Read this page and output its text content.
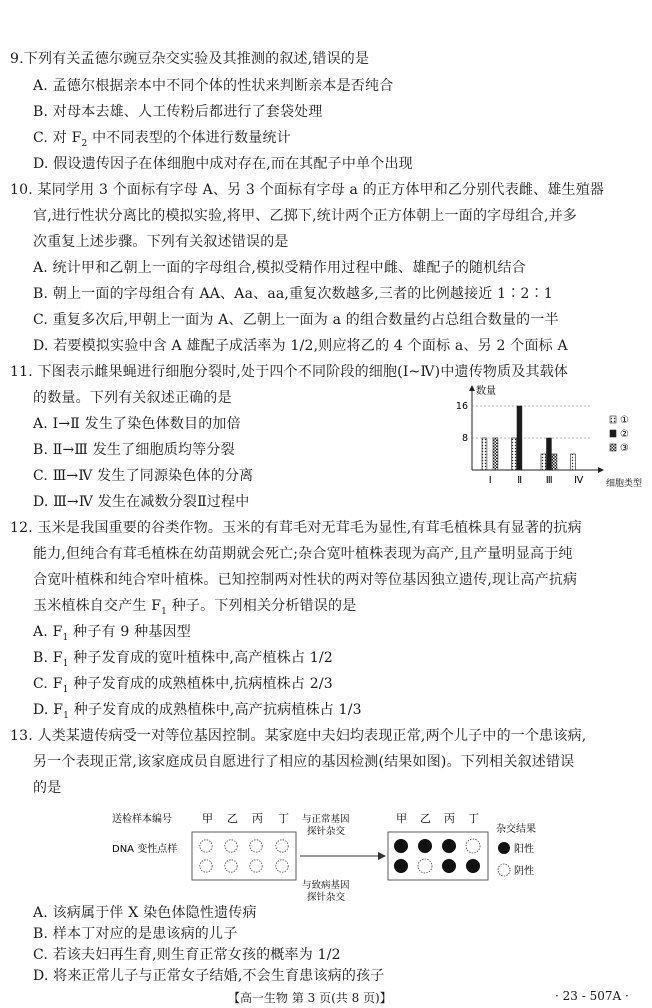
9.下列有关孟德尔豌豆杂交实验及其推测的叙述,错误的是
A. 孟德尔根据亲本中不同个体的性状来判断亲本是否纯合
B. 对母本去雄、人工传粉后都进行了套袋处理
C. 对 $F_2$ 中不同表型的个体进行数量统计
D. 假设遗传因子在体细胞中成对存在,而在其配子中单个出现
10. 某同学用 3 个面标有字母 A、另 3 个面标有字母 a 的正方体甲和乙分别代表雌、雄生殖器
官,进行性状分离比的模拟实验,将甲、乙掷下,统计两个正方体朝上一面的字母组合,并多
次重复上述步骤。下列有关叙述错误的是
A. 统计甲和乙朝上一面的字母组合,模拟受精作用过程中雌、雄配子的随机结合
B. 朝上一面的字母组合有 AA、Aa、aa,重复次数越多,三者的比例越接近 1∶2∶1
C. 重复多次后,甲朝上一面为 A、乙朝上一面为 a 的组合数量约占总组合数量的一半
D. 若要模拟实验中含 A 雄配子成活率为 1/2,则应将乙的 4 个面标 a、另 2 个面标 A
11. 下图表示雌果蝇进行细胞分裂时,处于四个不同阶段的细胞(Ⅰ~Ⅳ)中遗传物质及其载体
的数量。下列有关叙述正确的是
A. Ⅰ→Ⅱ 发生了染色体数目的加倍
B. Ⅱ→Ⅲ 发生了细胞质均等分裂
C. Ⅲ→Ⅳ 发生了同源染色体的分离
D. Ⅲ→Ⅳ 发生在减数分裂Ⅱ过程中
数量
细胞类型
8
16
Ⅰ	Ⅱ Ⅲ Ⅳ
①
②
③
12. 玉米是我国重要的谷类作物。玉米的有茸毛对无茸毛为显性,有茸毛植株具有显著的抗病
能力,但纯合有茸毛植株在幼苗期就会死亡;杂合宽叶植株表现为高产,且产量明显高于纯
合宽叶植株和纯合窄叶植株。已知控制两对性状的两对等位基因独立遗传,现让高产抗病
玉米植株自交产生 $F_1$ 种子。下列相关分析错误的是
A. $F_1$ 种子有 9 种基因型
B. $F_1$ 种子发育成的宽叶植株中,高产植株占 1/2
C. $F_1$ 种子发育成的成熟植株中,抗病植株占 2/3
D. $F_1$ 种子发育成的成熟植株中,高产抗病植株占 1/3
13. 人类某遗传病受一对等位基因控制。某家庭中夫妇均表现正常,两个儿子中的一个患该病,
另一个表现正常,该家庭成员自愿进行了相应的基因检测(结果如图)。下列相关叙述错误
的是
送检样本编号	甲 乙 丙 丁
DNA 变性点样
与正常基因
探针杂交
与致病基因
探针杂交
甲 乙 丙 丁
杂交结果
阳性
阴性
A. 该病属于伴 X 染色体隐性遗传病
B. 样本丁对应的是患该病的儿子
C. 若该夫妇再生育,则生育正常女孩的概率为 1/2
【高一生物 第 3 页(共 8 页)】	· 23 - 507A ·
D. 将来正常儿子与正常女子结婚,不会生育患该病的孩子
